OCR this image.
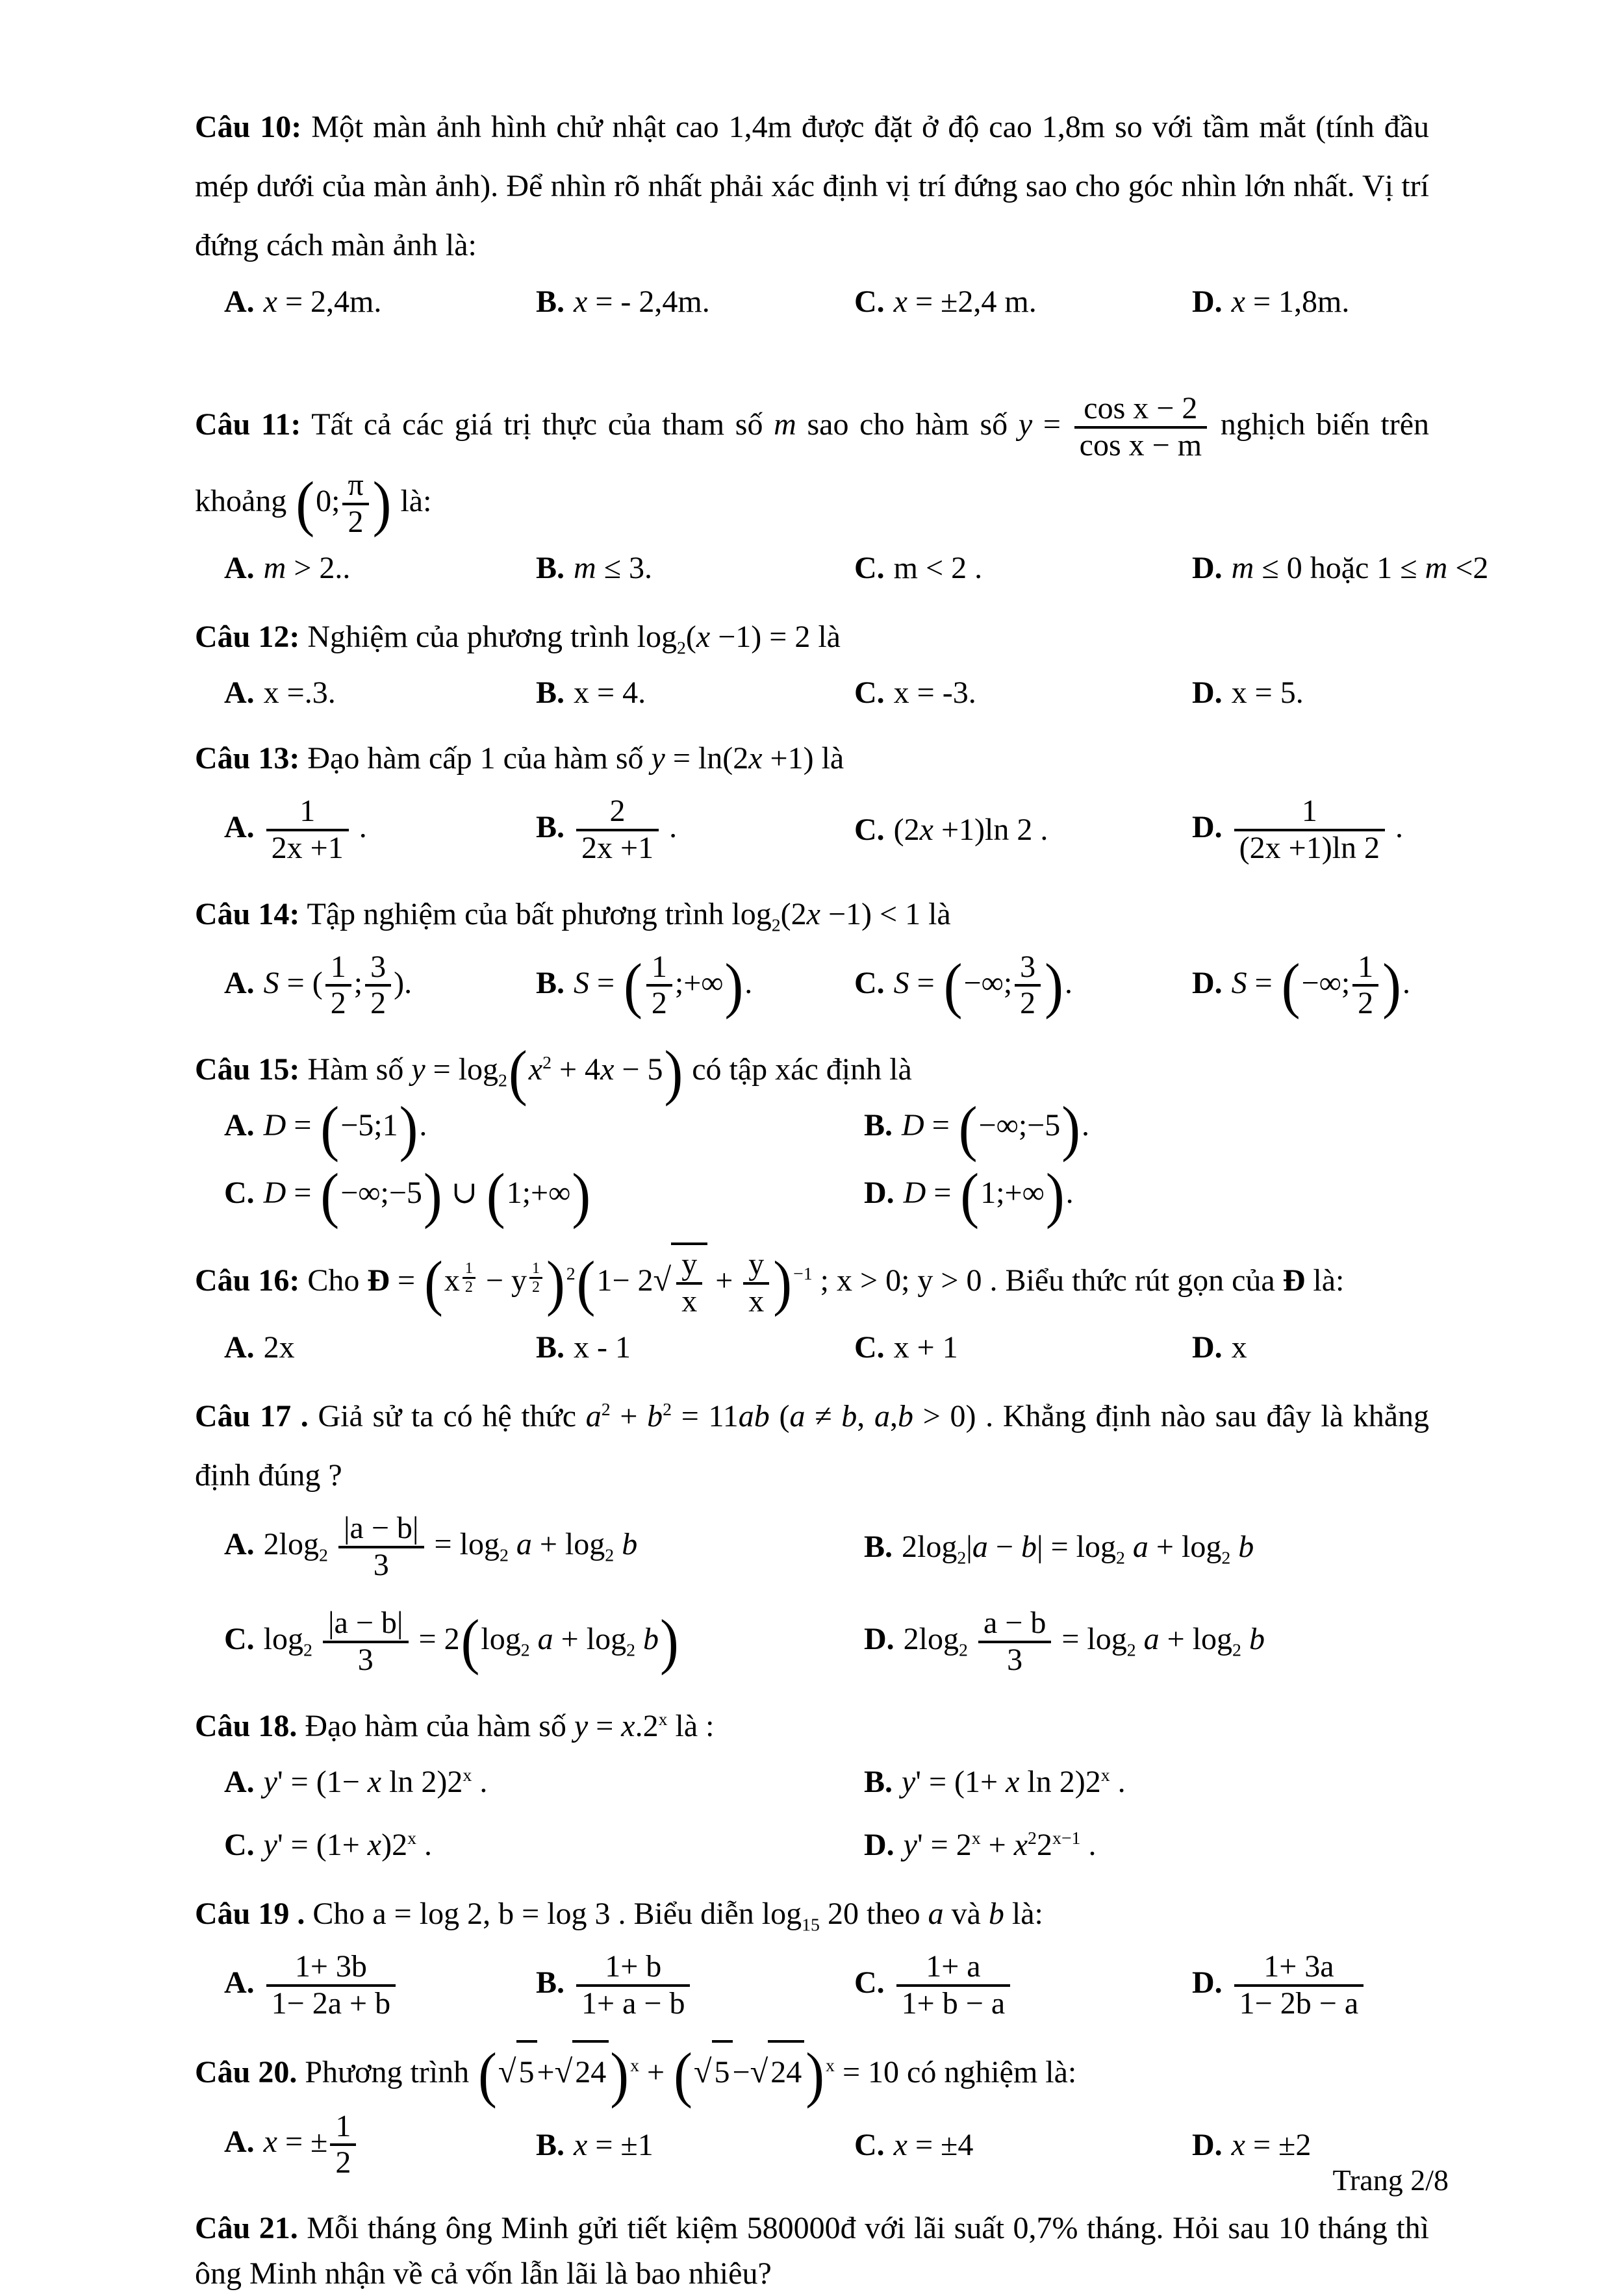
Câu 10: Một màn ảnh hình chử nhật cao 1,4m được đặt ở độ cao 1,8m so với tầm mắt (tính đầu mép dưới của màn ảnh). Để nhìn rõ nhất phải xác định vị trí đứng sao cho góc nhìn lớn nhất. Vị trí đứng cách màn ảnh là:

A. x = 2,4m.	B. x = - 2,4m.	C. x = ±2,4 m.	D. x = 1,8m.

Câu 11: Tất cả các giá trị thực của tham số m sao cho hàm số $y = \frac{\text{cos x − 2}}{\text{cos x − m}}$ nghịch biến trên khoảng (0; $\frac{\pi}{2}$ ) là:

A. m > 2..	B. m ≤ 3.	C. m < 2 .	D. m ≤ 0 hoặc 1 ≤ m <2

Câu 12: Nghiệm của phương trình $\log_2(x -1) = 2$ là

A. x =.3.	B. x = 4.	C. x = -3.	D. x = 5.

Câu 13: Đạo hàm cấp 1 của hàm số y = ln(2x +1) là

A. $\frac{1}{2x +1}$ .	B. $\frac{2}{2x +1}$ .	C. (2x +1)ln 2 .	D. $\frac{1}{(2x +1)\ln 2}$ .

Câu 14: Tập nghiệm của bất phương trình $\log_2(2x -1) < 1$ là

A. S = ( $\frac{1}{2}$ ; $\frac{3}{2}$ ).	B. S = ( $\frac{1}{2}$ ;+∞).	C. S = (−∞; $\frac{3}{2}$ ).	D. S = (−∞; $\frac{1}{2}$ ).

Câu 15: Hàm số $y = \log_2(x^2 + 4x - 5)$ có tập xác định là

A. D = (−5;1).	B. D = (−∞;−5).
C. D = (−∞;−5) ∪ (1;+∞)	D. D = (1;+∞).

Câu 16: Cho Đ = $(x \frac{1}{2} - y \frac{1}{2} )^2(1- 2$ √ $\frac{y}{x} + \frac{y}{x} )^{-1}$ ; x > 0; y > 0 . Biểu thức rút gọn của Đ là:

A. 2x	B. x - 1	C. x + 1	D. x

Câu 17 . Giả sử ta có hệ thức $a^2 + b^2 = 11ab$ (a ≠ b, a,b > 0) . Khẳng định nào sau đây là khẳng định đúng ?

A. $2\log_2 \frac{|a - b|}{3} = \log_2 a + \log_2 b$	B. $2\log_2|a - b| = \log_2 a + \log_2 b$
C. $\log_2 \frac{|a - b|}{3} = 2(\log_2$ $a + \log_2 b$)	D. $2\log_2 \frac{a - b}{3} = \log_2 a + \log_2 b$

Câu 18. Đạo hàm của hàm số $y = x.2^x$ là :

A. y' = (1− x ln 2)2$^x$ .	B. y' = (1+ x ln 2)2$^x$ .
C. $y' = (1+ x)2^x$ .	D. $y' = 2^x + x^22^{x-1}$ .

Câu 19 . Cho a = log 2, b = log 3 . Biểu diễn $\log_{15} 20$ theo a và b là:

A. $\frac{1+ 3b}{1- 2a + b}$	B. $\frac{1+ b}{1+ a - b}$	C. $\frac{1+ a}{1+ b - a}$	D. $\frac{1+ 3a}{1- 2b - a}$

Câu 20. Phương trình ( √ 5+ √ 24)$^x$ + ( √ 5− √ 24)$^x$ = 10 có nghiệm là:

A. x = ± $\frac{1}{2}$	B. x = ±1	C. x = ±4	D. x = ±2

Câu 21. Mỗi tháng ông Minh gửi tiết kiệm 580000đ với lãi suất 0,7% tháng. Hỏi sau 10 tháng thì ông Minh nhận về cả vốn lẫn lãi là bao nhiêu?

Trang 2/8
